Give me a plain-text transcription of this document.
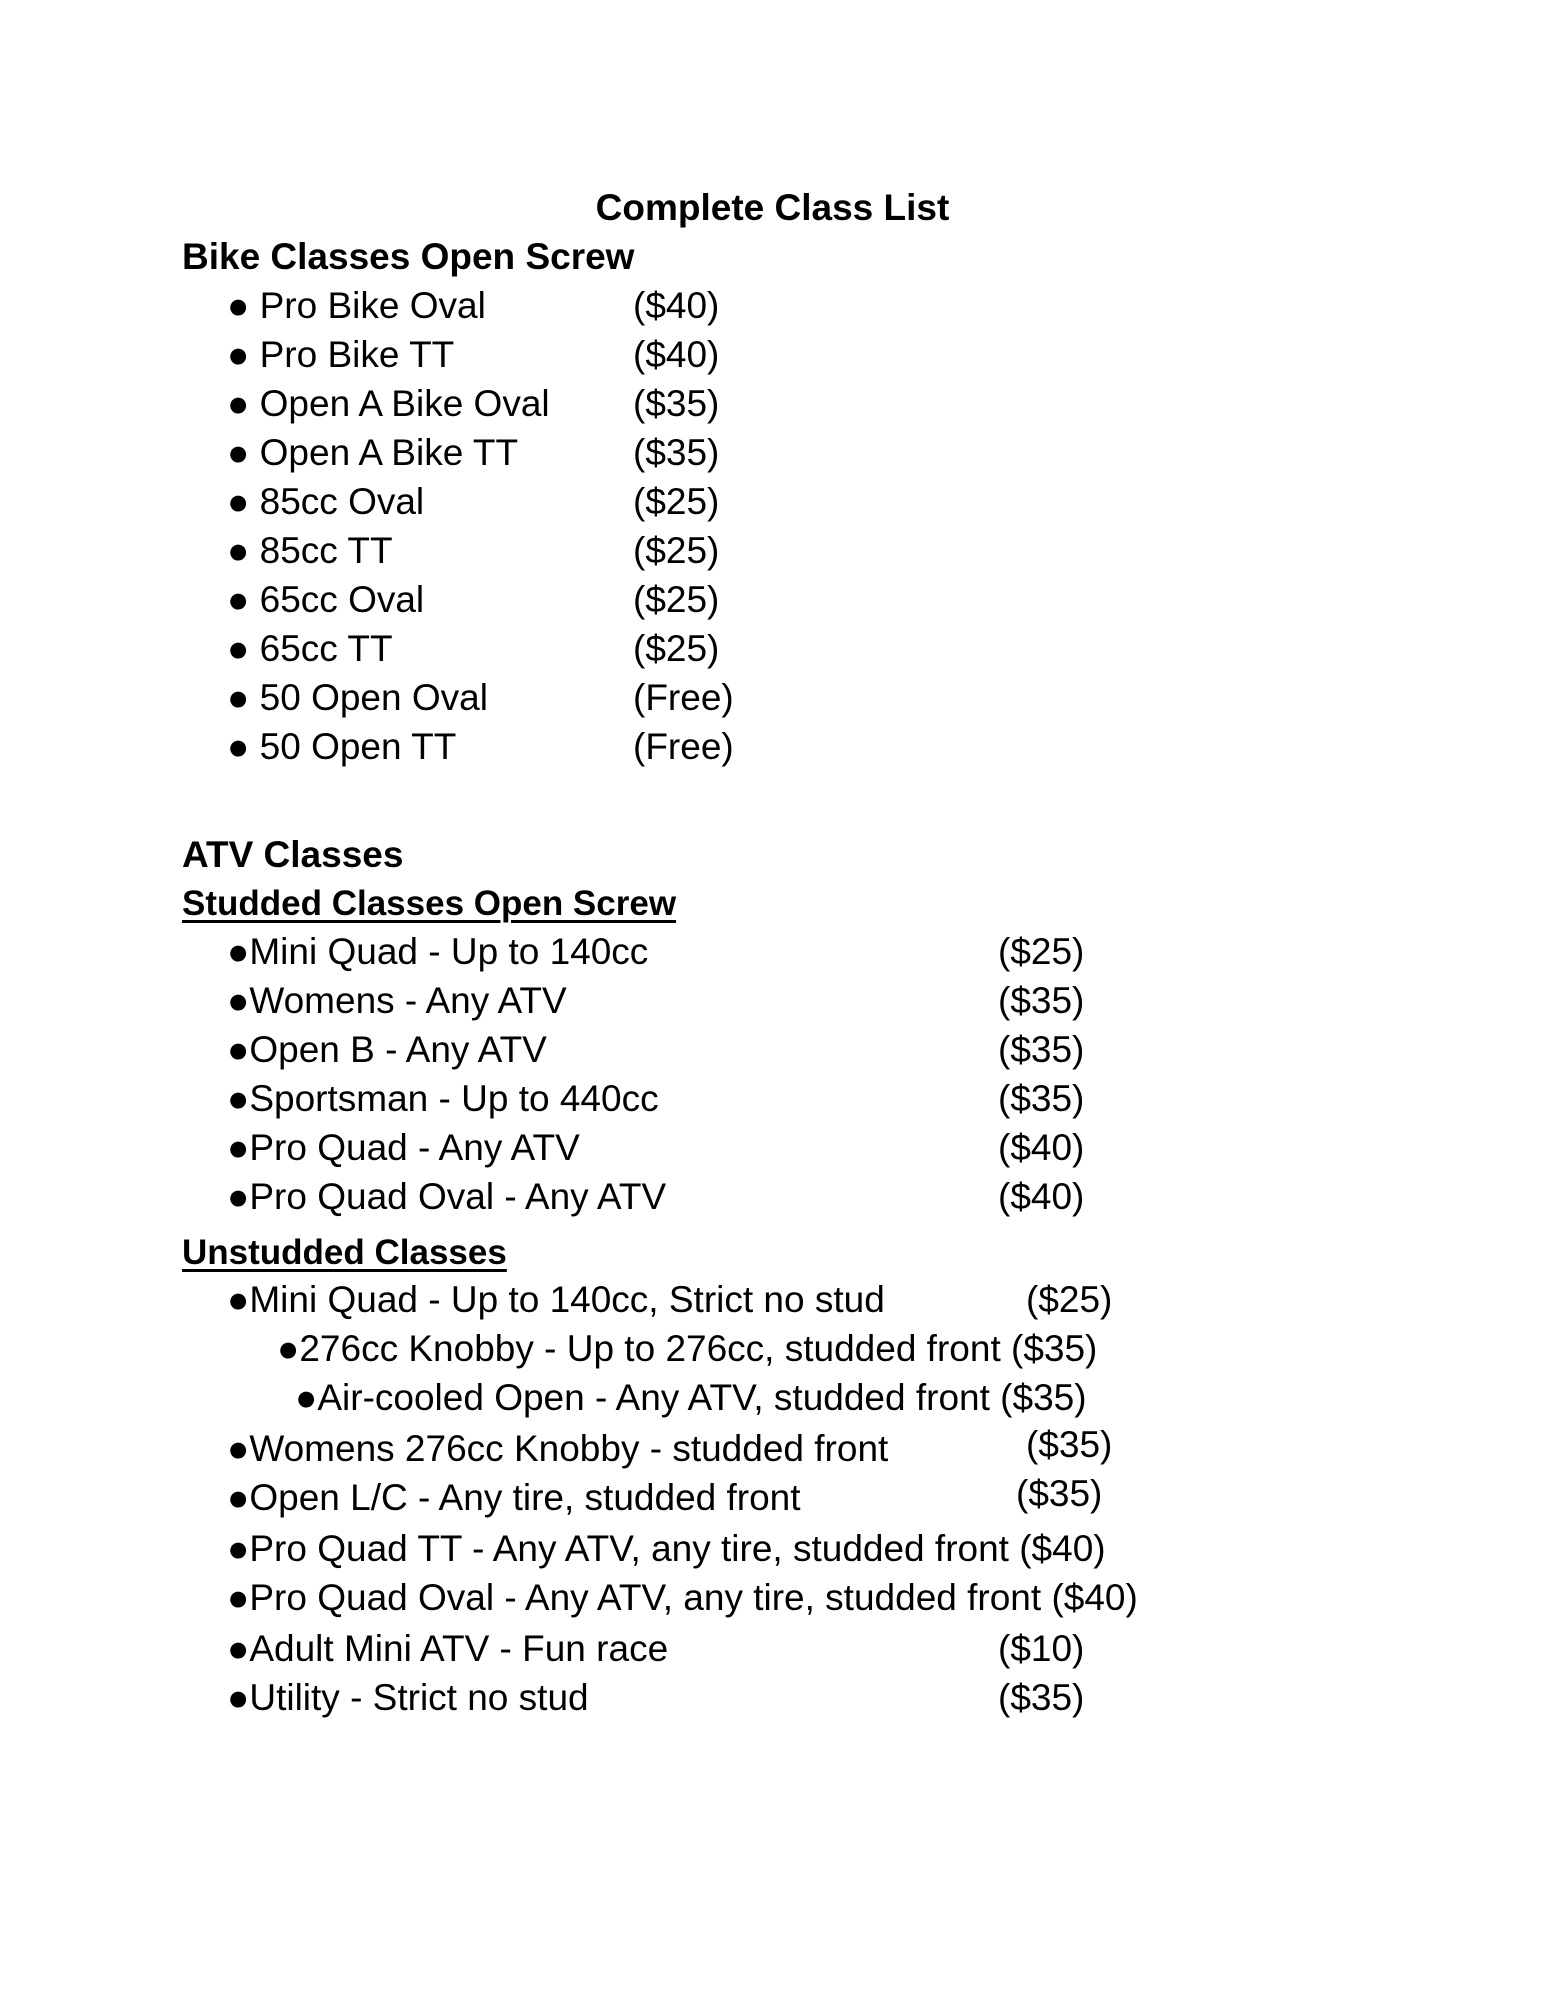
Complete Class List
Bike Classes Open Screw
● Pro Bike Oval	($40)
● Pro Bike TT	($40)
● Open A Bike Oval ($35)
● Open A Bike TT	($35)
● 85cc Oval	($25)
● 85cc TT	($25)
● 65cc Oval	($25)
● 65cc TT	($25)
● 50 Open Oval	(Free)
● 50 Open TT	(Free)
ATV Classes
Studded Classes Open Screw
●Mini Quad - Up to 140cc	($25)
●Womens - Any ATV	($35)
●Open B - Any ATV	($35)
●Sportsman - Up to 440cc	($35)
●Pro Quad - Any ATV	($40)
●Pro Quad Oval - Any ATV	($40)
Unstudded Classes
●Mini Quad - Up to 140cc, Strict no stud	($25)
●276cc Knobby - Up to 276cc, studded front ($35)
●Air-cooled Open - Any ATV, studded front ($35)
●Womens 276cc Knobby - studded front	($35)
●Open L/C - Any tire, studded front	($35)
●Pro Quad TT - Any ATV, any tire, studded front ($40)
●Pro Quad Oval - Any ATV, any tire, studded front ($40)
●Adult Mini ATV - Fun race	($10)
●Utility - Strict no stud	($35)
